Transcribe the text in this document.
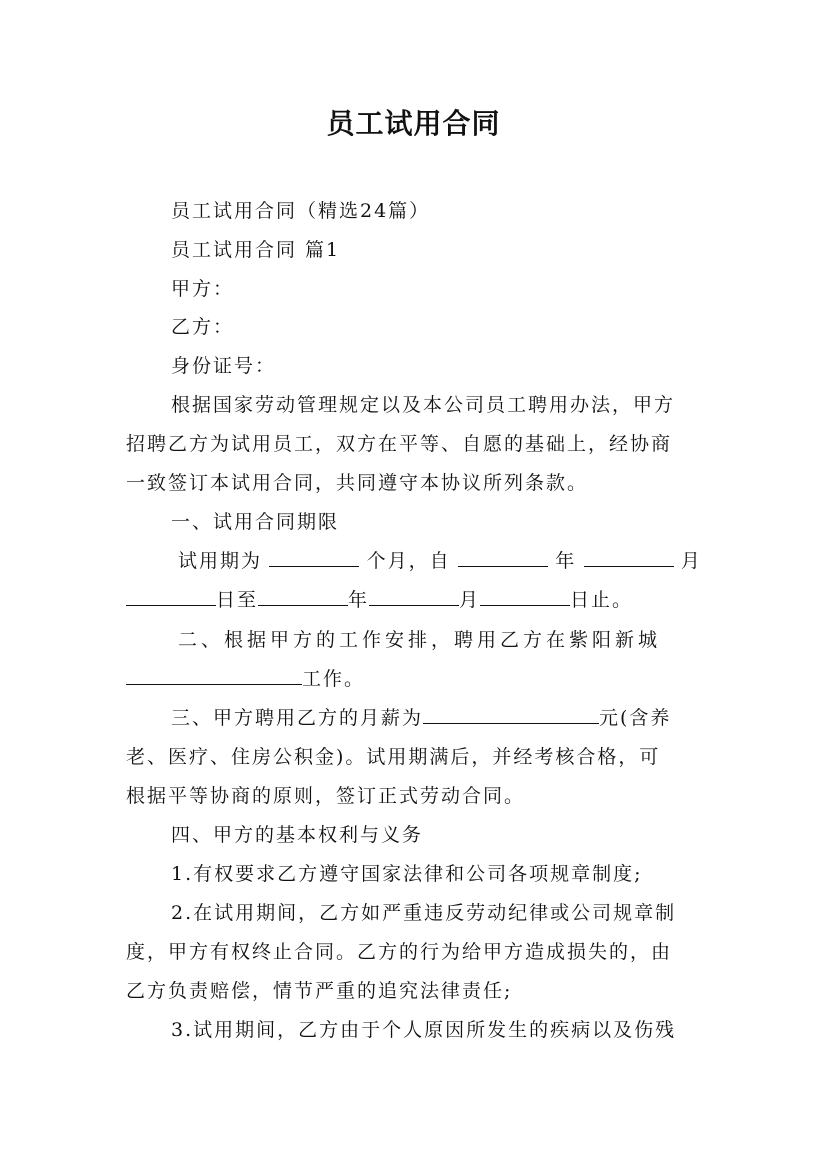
员工试用合同
员工试用合同（精选24篇）
员工试用合同 篇1
甲方：
乙方：
身份证号：
根据国家劳动管理规定以及本公司员工聘用办法，甲方
招聘乙方为试用员工，双方在平等、自愿的基础上，经协商
一致签订本试用合同，共同遵守本协议所列条款。
一、试用合同期限
试用期为	个月，自	年	月
日至	年	月	日止。
二、根据甲方的工作安排，聘用乙方在紫阳新城
工作。
三、甲方聘用乙方的月薪为	元(含养
老、医疗、住房公积金)。试用期满后，并经考核合格，可
根据平等协商的原则，签订正式劳动合同。
四、甲方的基本权利与义务
1.有权要求乙方遵守国家法律和公司各项规章制度;
2.在试用期间，乙方如严重违反劳动纪律或公司规章制
度，甲方有权终止合同。乙方的行为给甲方造成损失的，由
乙方负责赔偿，情节严重的追究法律责任;
3.试用期间，乙方由于个人原因所发生的疾病以及伤残
